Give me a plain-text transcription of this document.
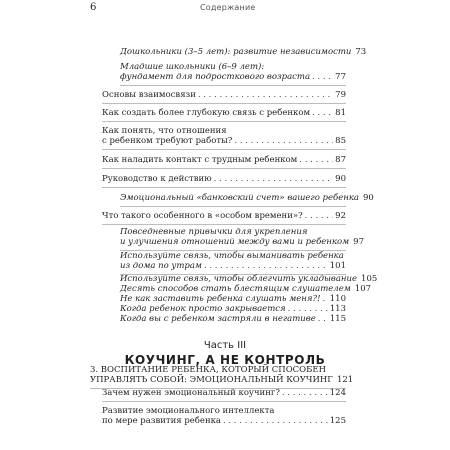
6	Содержание
Часть III
КОУЧИНГ, А НЕ КОНТРОЛЬ
Дошкольники (3–5 лет): развитие независимости 73
Младшие школьники (6–9 лет):
фундамент для подросткового возраста . . .	77
Основы взаимосвязи . . .	79
Как создать более глубокую связь с ребенком . . .	81
Как понять, что отношения
с ребенком требуют работы? . . .	85
Как наладить контакт с трудным ребенком . . .	87
Руководство к действию . . .	90
Эмоциональный «банковский счет» вашего ребенка 90
Что такого особенного в «особом времени»? . . .	92
Повседневные привычки для укрепления
и улучшения отношений между вами и ребенком 97
Используйте связь, чтобы выманивать ребенка
из дома по утрам . . .	101
Используйте связь, чтобы облегчить укладывание 105
Десять способов стать блестящим слушателем 107
Не как заставить ребенка слушать меня?! . . . 110
Когда ребенок просто закрывается . . .	113
Когда вы с ребенком застряли в негативе . . . 115
3. ВОСПИТАНИЕ РЕБЕНКА, КОТОРЫЙ СПОСОБЕН
УПРАВЛЯТЬ СОБОЙ: ЭМОЦИОНАЛЬНЫЙ КОУЧИНГ 121
Зачем нужен эмоциональный коучинг? . . .	124
Развитие эмоционального интеллекта
по мере развития ребенка . . .	125
